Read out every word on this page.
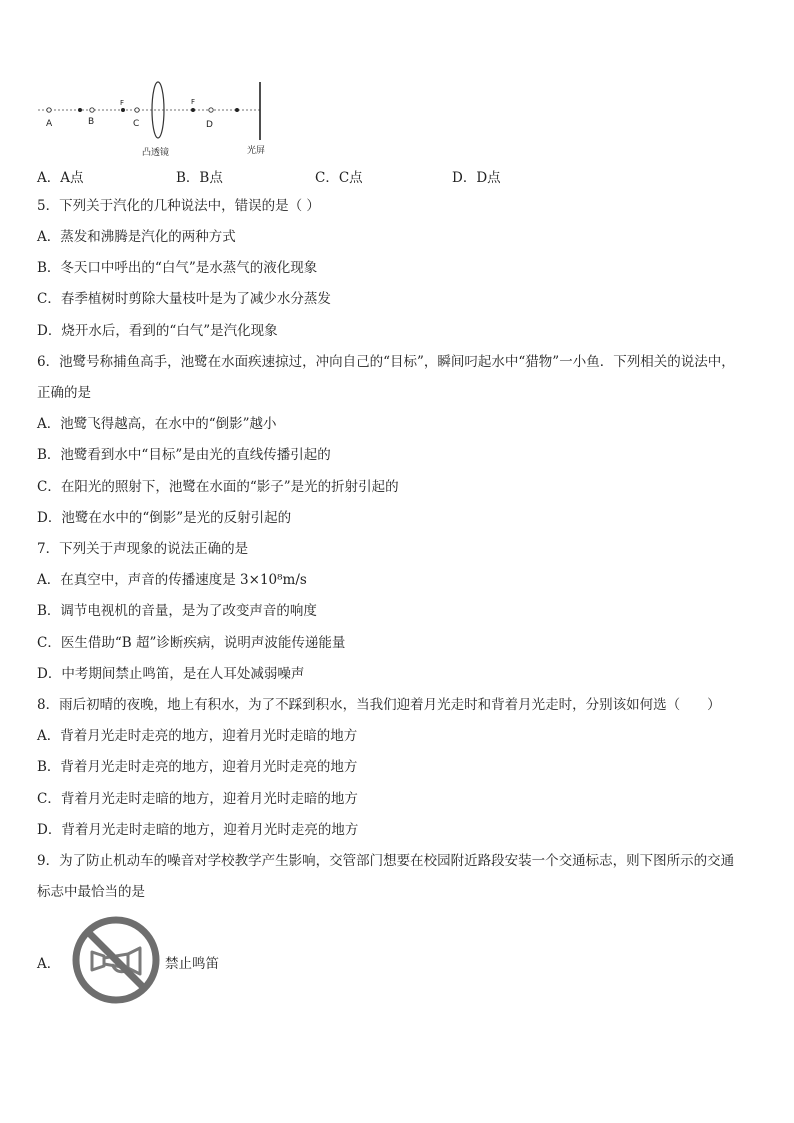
A	B	C	D
F	F
凸透镜	光屏
A．A点	B．B点	C．C点	D．D点
5．下列关于汽化的几种说法中，错误的是（ ）
A．蒸发和沸腾是汽化的两种方式
B．冬天口中呼出的“白气”是水蒸气的液化现象
C．春季植树时剪除大量枝叶是为了减少水分蒸发
D．烧开水后，看到的“白气”是汽化现象
6．池鹭号称捕鱼高手，池鹭在水面疾速掠过，冲向自己的“目标”，瞬间叼起水中“猎物”一小鱼．下列相关的说法中，
正确的是
A．池鹭飞得越高，在水中的“倒影”越小
B．池鹭看到水中“目标”是由光的直线传播引起的
C．在阳光的照射下，池鹭在水面的“影子”是光的折射引起的
D．池鹭在水中的“倒影”是光的反射引起的
7．下列关于声现象的说法正确的是
A．在真空中，声音的传播速度是 3×10⁸m/s
B．调节电视机的音量，是为了改变声音的响度
C．医生借助“B 超”诊断疾病，说明声波能传递能量
D．中考期间禁止鸣笛，是在人耳处减弱噪声
8．雨后初晴的夜晚，地上有积水，为了不踩到积水，当我们迎着月光走时和背着月光走时，分别该如何选（　　）
A．背着月光走时走亮的地方，迎着月光时走暗的地方
B．背着月光走时走亮的地方，迎着月光时走亮的地方
C．背着月光走时走暗的地方，迎着月光时走暗的地方
D．背着月光走时走暗的地方，迎着月光时走亮的地方
9．为了防止机动车的噪音对学校教学产生影响，交管部门想要在校园附近路段安装一个交通标志，则下图所示的交通
标志中最恰当的是
A．	禁止鸣笛
